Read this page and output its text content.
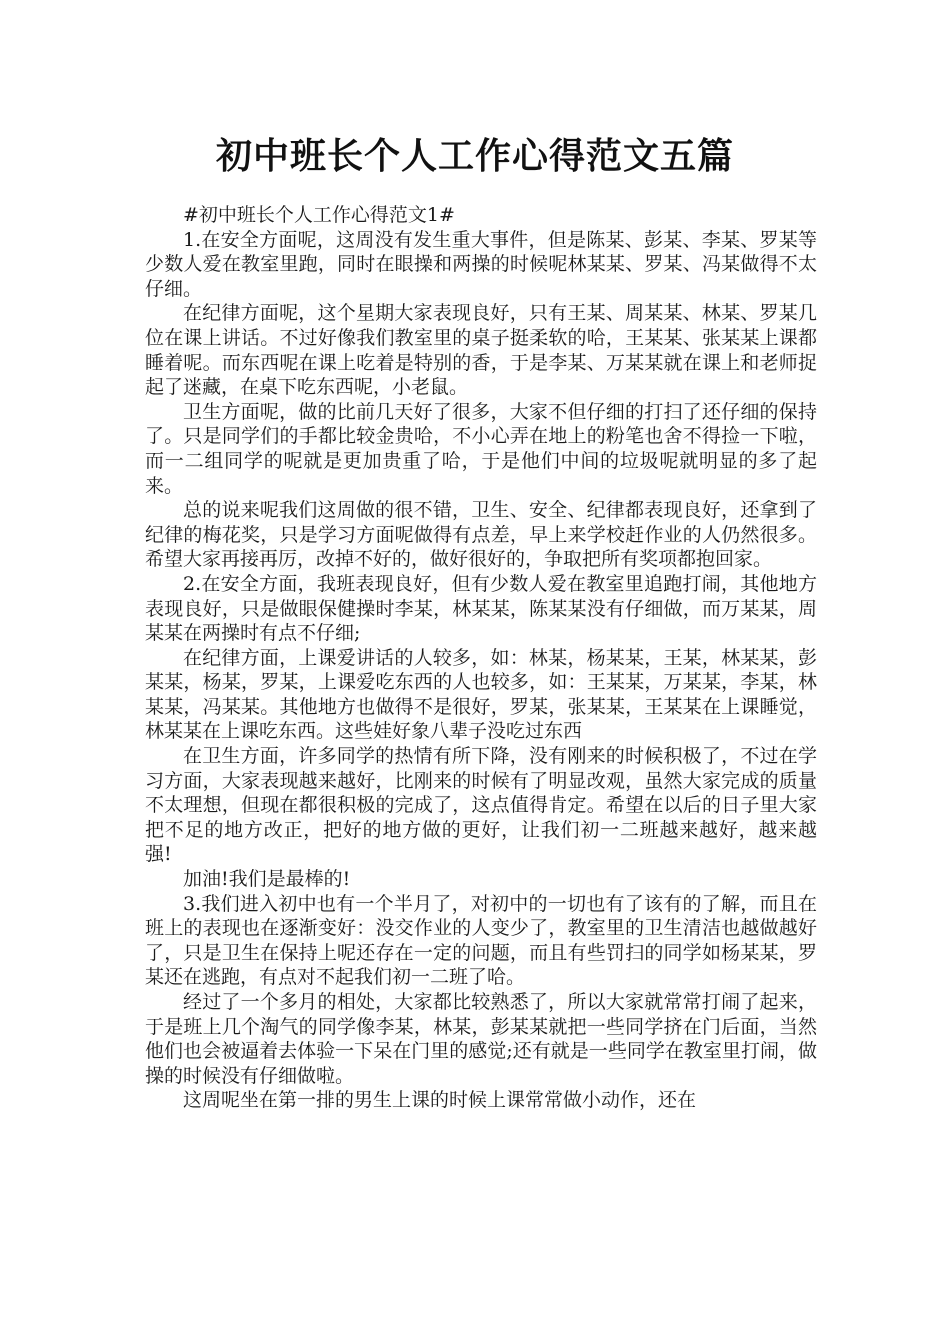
初中班长个人工作心得范文五篇

#初中班长个人工作心得范文1#

1.在安全方面呢，这周没有发生重大事件，但是陈某、彭某、李某、罗某等少数人爱在教室里跑，同时在眼操和两操的时候呢林某某、罗某、冯某做得不太仔细。

在纪律方面呢，这个星期大家表现良好，只有王某、周某某、林某、罗某几位在课上讲话。不过好像我们教室里的桌子挺柔软的哈，王某某、张某某上课都睡着呢。而东西呢在课上吃着是特别的香，于是李某、万某某就在课上和老师捉起了迷藏，在桌下吃东西呢，小老鼠。

卫生方面呢，做的比前几天好了很多，大家不但仔细的打扫了还仔细的保持了。只是同学们的手都比较金贵哈，不小心弄在地上的粉笔也舍不得捡一下啦，而一二组同学的呢就是更加贵重了哈，于是他们中间的垃圾呢就明显的多了起来。

总的说来呢我们这周做的很不错，卫生、安全、纪律都表现良好，还拿到了纪律的梅花奖，只是学习方面呢做得有点差，早上来学校赶作业的人仍然很多。希望大家再接再厉，改掉不好的，做好很好的，争取把所有奖项都抱回家。

2.在安全方面，我班表现良好，但有少数人爱在教室里追跑打闹，其他地方表现良好，只是做眼保健操时李某，林某某，陈某某没有仔细做，而万某某，周某某在两操时有点不仔细;

在纪律方面，上课爱讲话的人较多，如：林某，杨某某，王某，林某某，彭某某，杨某，罗某，上课爱吃东西的人也较多，如：王某某，万某某，李某，林某某，冯某某。其他地方也做得不是很好，罗某，张某某，王某某在上课睡觉，林某某在上课吃东西。这些娃好象八辈子没吃过东西

在卫生方面，许多同学的热情有所下降，没有刚来的时候积极了，不过在学习方面，大家表现越来越好，比刚来的时候有了明显改观，虽然大家完成的质量不太理想，但现在都很积极的完成了，这点值得肯定。希望在以后的日子里大家把不足的地方改正，把好的地方做的更好，让我们初一二班越来越好，越来越强!

加油!我们是最棒的!

3.我们进入初中也有一个半月了，对初中的一切也有了该有的了解，而且在班上的表现也在逐渐变好：没交作业的人变少了，教室里的卫生清洁也越做越好了，只是卫生在保持上呢还存在一定的问题，而且有些罚扫的同学如杨某某，罗某还在逃跑，有点对不起我们初一二班了哈。

经过了一个多月的相处，大家都比较熟悉了，所以大家就常常打闹了起来，于是班上几个淘气的同学像李某，林某，彭某某就把一些同学挤在门后面，当然他们也会被逼着去体验一下呆在门里的感觉;还有就是一些同学在教室里打闹，做操的时候没有仔细做啦。

这周呢坐在第一排的男生上课的时候上课常常做小动作，还在
